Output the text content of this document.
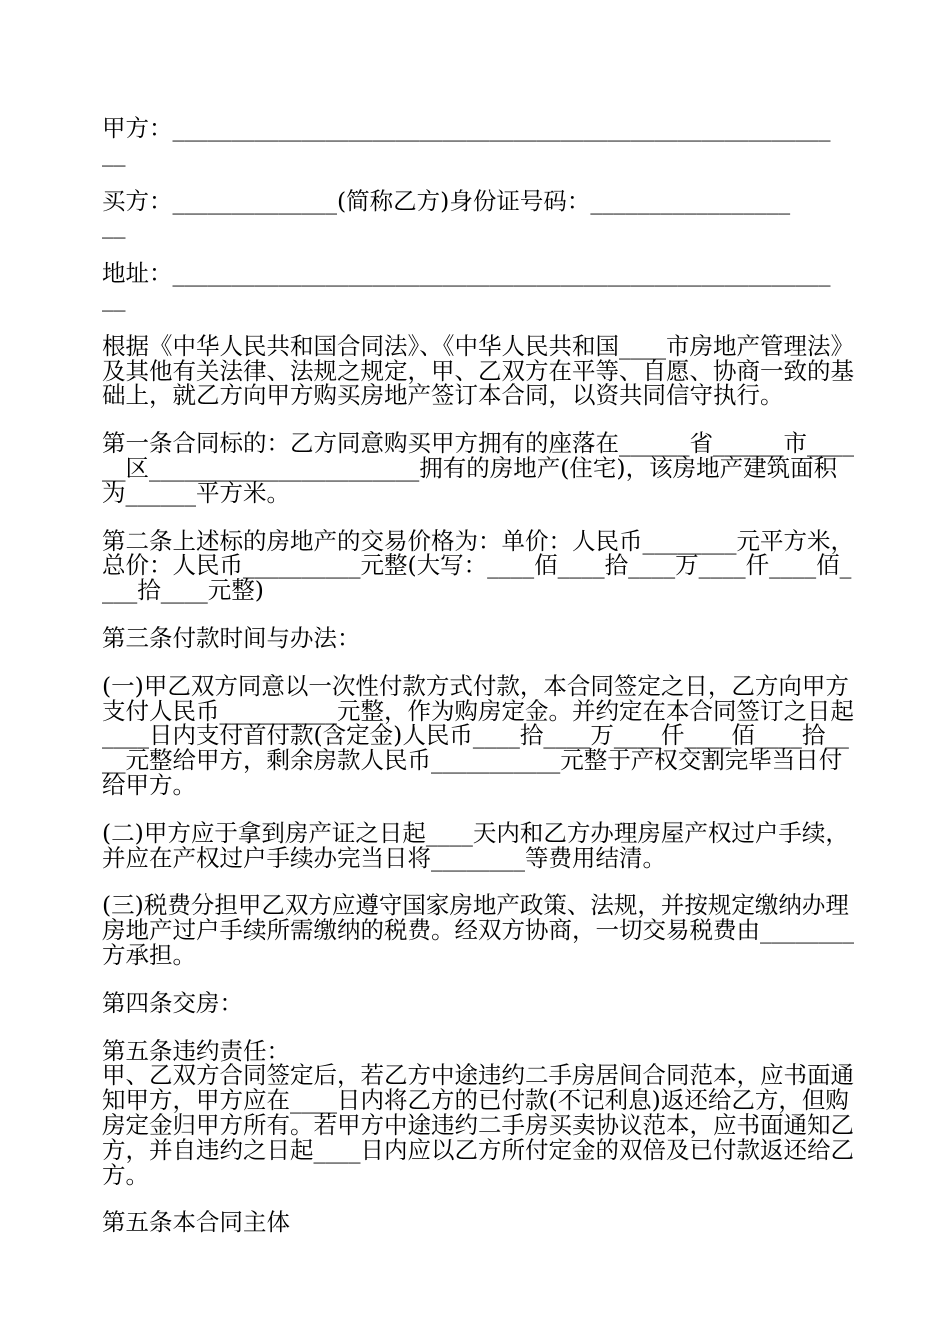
甲方：________________________________________________________
__

买方：______________(简称乙方)身份证号码：_________________
__

地址：________________________________________________________
__

根据《中华人民共和国合同法》、《中华人民共和国____市房地产管理法》及其他有关法律、法规之规定，甲、乙双方在平等、自愿、协商一致的基础上，就乙方向甲方购买房地产签订本合同，以资共同信守执行。

第一条合同标的：乙方同意购买甲方拥有的座落在______省______市______区_______________________拥有的房地产(住宅)，该房地产建筑面积为______平方米。

第二条上述标的房地产的交易价格为：单价：人民币________元平方米，总价：人民币__________元整(大写：____佰____拾____万____仟____佰____拾____元整)

第三条付款时间与办法：

(一)甲乙双方同意以一次性付款方式付款，本合同签定之日，乙方向甲方支付人民币__________元整，作为购房定金。并约定在本合同签订之日起____日内支付首付款(含定金)人民币____拾____万____仟____佰____拾____元整给甲方，剩余房款人民币___________元整于产权交割完毕当日付给甲方。

(二)甲方应于拿到房产证之日起____天内和乙方办理房屋产权过户手续，并应在产权过户手续办完当日将________等费用结清。

(三)税费分担甲乙双方应遵守国家房地产政策、法规，并按规定缴纳办理房地产过户手续所需缴纳的税费。经双方协商，一切交易税费由________方承担。

第四条交房：

第五条违约责任：

甲、乙双方合同签定后，若乙方中途违约二手房居间合同范本，应书面通知甲方，甲方应在____日内将乙方的已付款(不记利息)返还给乙方，但购房定金归甲方所有。若甲方中途违约二手房买卖协议范本，应书面通知乙方，并自违约之日起____日内应以乙方所付定金的双倍及已付款返还给乙方。

第五条本合同主体
